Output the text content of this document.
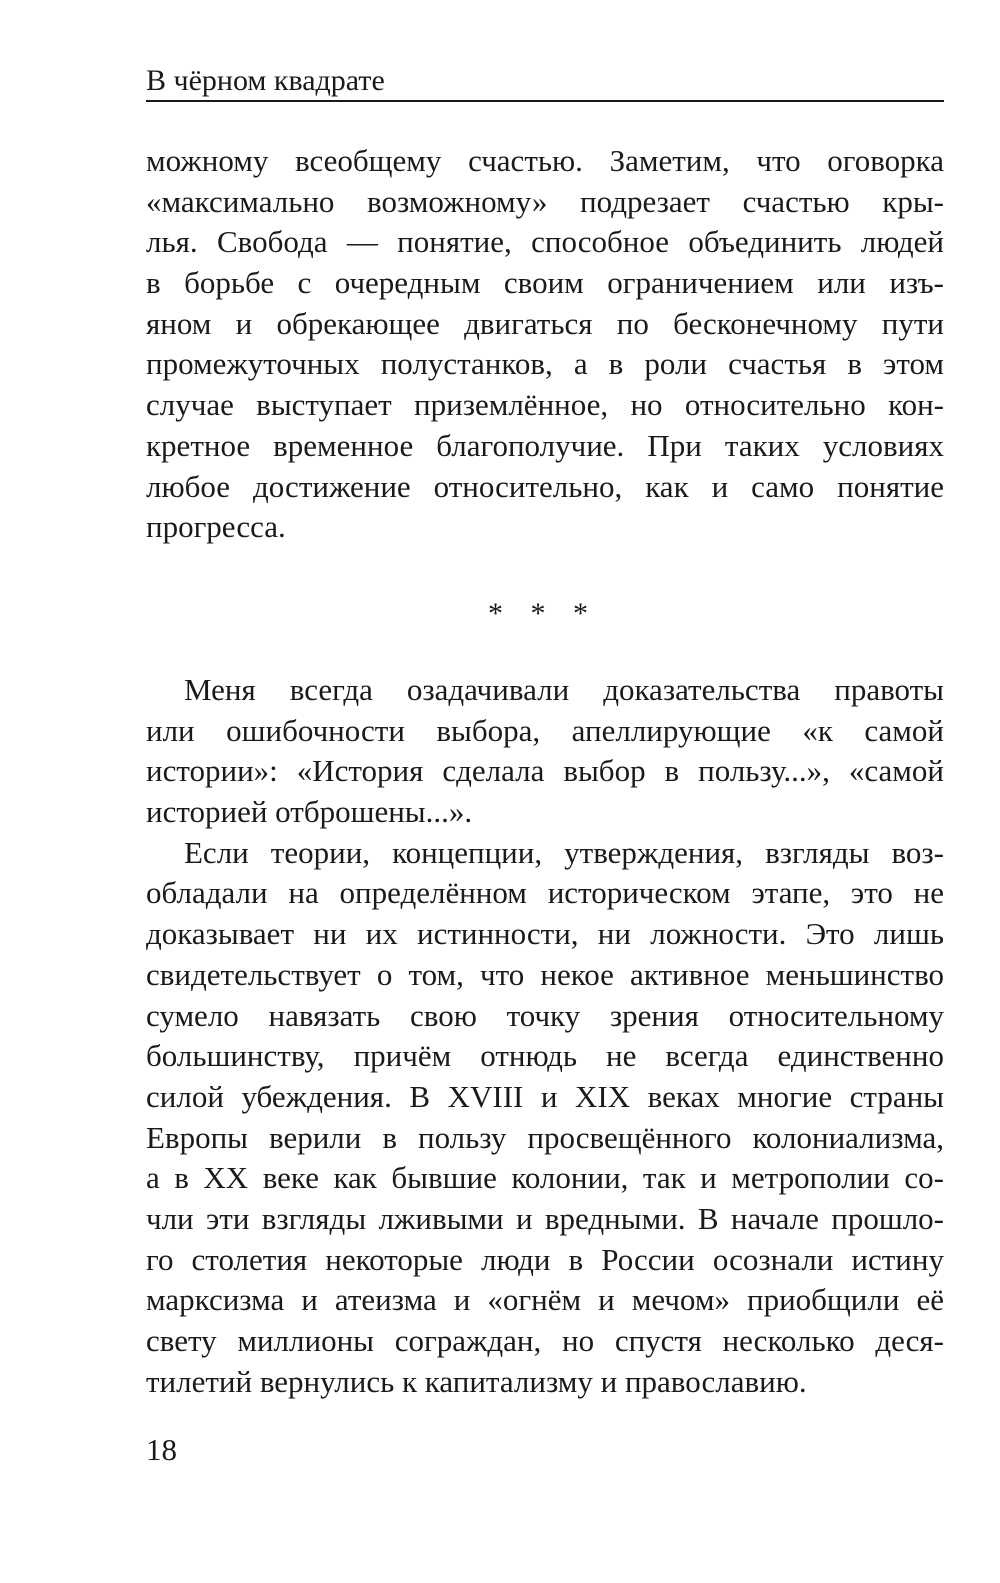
В чёрном квадрате
можному всеобщему счастью. Заметим, что оговорка
«максимально возможному» подрезает счастью кры-
лья. Свобода — понятие, способное объединить людей
в борьбе с очередным своим ограничением или изъ-
яном и обрекающее двигаться по бесконечному пути
промежуточных полустанков, а в роли счастья в этом
случае выступает приземлённое, но относительно кон-
кретное временное благополучие. При таких условиях
любое достижение относительно, как и само понятие
прогресса.
* * *
Меня всегда озадачивали доказательства правоты
или ошибочности выбора, апеллирующие «к самой
истории»: «История сделала выбор в пользу...», «самой
историей отброшены...».
Если теории, концепции, утверждения, взгляды воз-
обладали на определённом историческом этапе, это не
доказывает ни их истинности, ни ложности. Это лишь
свидетельствует о том, что некое активное меньшинство
сумело навязать свою точку зрения относительному
большинству, причём отнюдь не всегда единственно
силой убеждения. В XVIII и XIX веках многие страны
Европы верили в пользу просвещённого колониализма,
а в XX веке как бывшие колонии, так и метрополии со-
чли эти взгляды лживыми и вредными. В начале прошло-
го столетия некоторые люди в России осознали истину
марксизма и атеизма и «огнём и мечом» приобщили её
свету миллионы сограждан, но спустя несколько деся-
тилетий вернулись к капитализму и православию.
18
